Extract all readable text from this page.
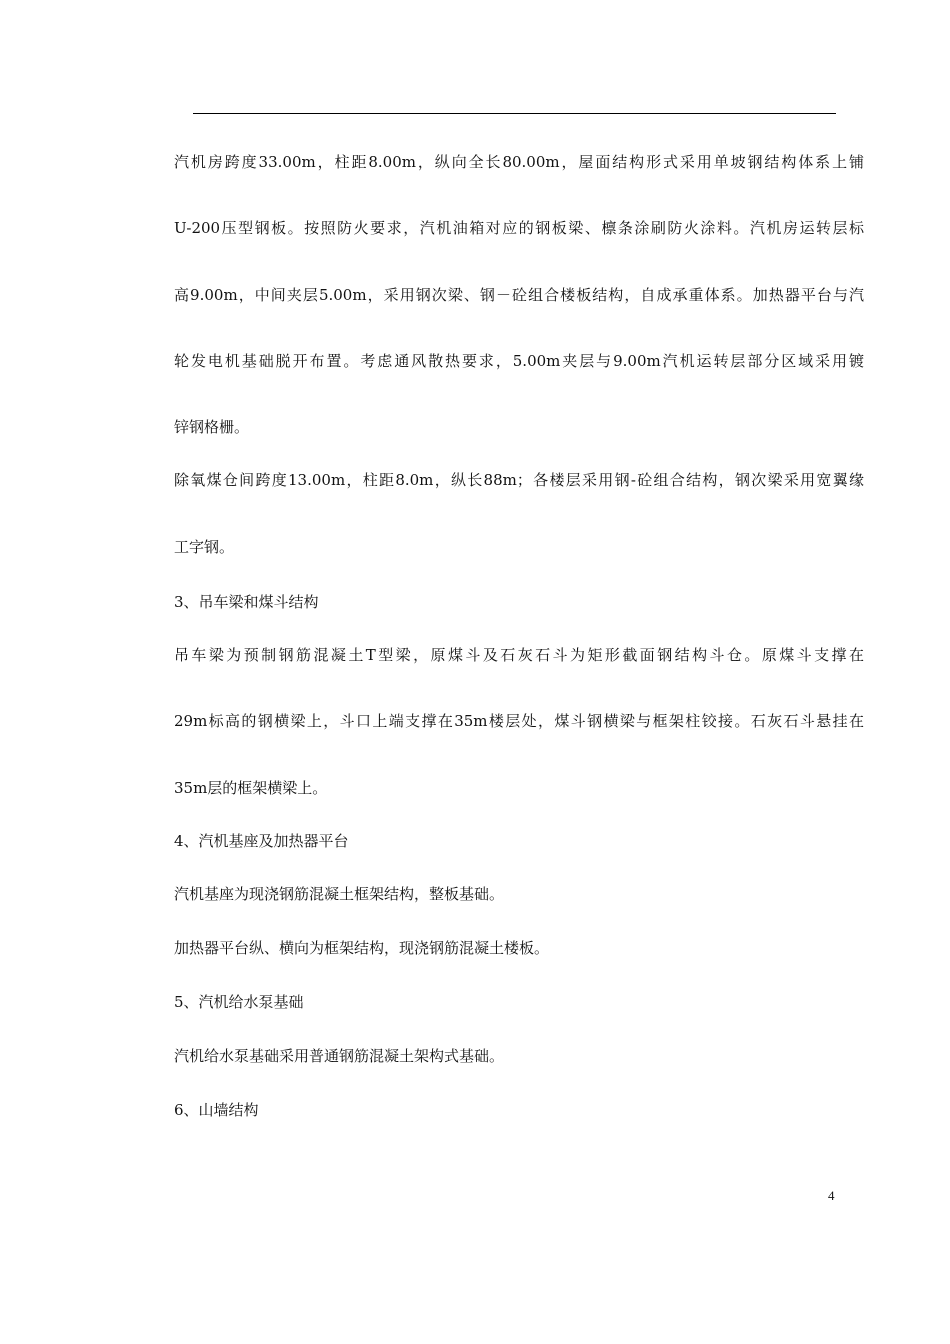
汽机房跨度33.00m，柱距8.00m，纵向全长80.00m，屋面结构形式采用单坡钢结构体系上铺
U-200压型钢板。按照防火要求，汽机油箱对应的钢板梁、檩条涂刷防火涂料。汽机房运转层标
高9.00m，中间夹层5.00m，采用钢次梁、钢－砼组合楼板结构，自成承重体系。加热器平台与汽
轮发电机基础脱开布置。考虑通风散热要求，5.00m夹层与9.00m汽机运转层部分区域采用镀
锌钢格栅。
除氧煤仓间跨度13.00m，柱距8.0m，纵长88m；各楼层采用钢-砼组合结构，钢次梁采用宽翼缘
工字钢。
3、吊车梁和煤斗结构
吊车梁为预制钢筋混凝土T型梁，原煤斗及石灰石斗为矩形截面钢结构斗仓。原煤斗支撑在
29m标高的钢横梁上，斗口上端支撑在35m楼层处，煤斗钢横梁与框架柱铰接。石灰石斗悬挂在
35m层的框架横梁上。
4、汽机基座及加热器平台
汽机基座为现浇钢筋混凝土框架结构，整板基础。
加热器平台纵、横向为框架结构，现浇钢筋混凝土楼板。
5、汽机给水泵基础
汽机给水泵基础采用普通钢筋混凝土架构式基础。
6、山墙结构
4
